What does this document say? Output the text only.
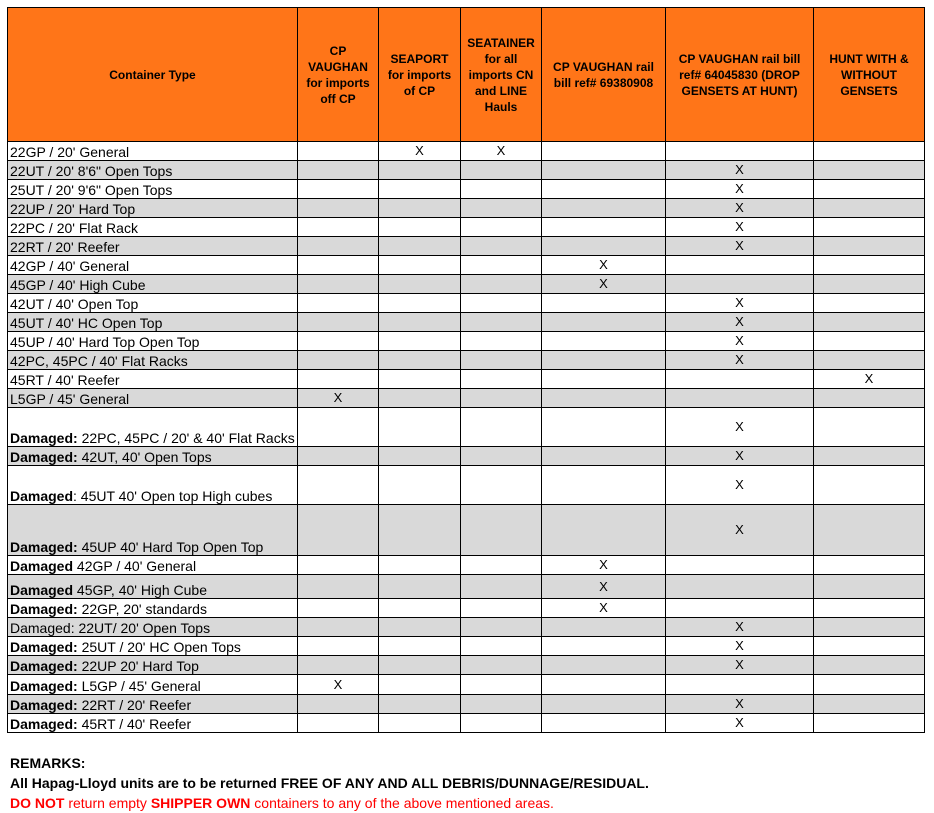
Container Type	CP VAUGHAN for imports off CP	SEAPORT for imports of CP	SEATAINER for all imports CN and LINE Hauls	CP VAUGHAN rail bill ref# 69380908	CP VAUGHAN rail bill ref# 64045830 (DROP GENSETS AT HUNT)	HUNT WITH & WITHOUT GENSETS
22GP / 20' General		X	X			
22UT / 20' 8'6" Open Tops					X	
25UT / 20' 9'6" Open Tops					X	
22UP / 20' Hard Top					X	
22PC / 20' Flat Rack					X	
22RT / 20' Reefer					X	
42GP / 40' General				X		
45GP / 40' High Cube				X		
42UT / 40' Open Top					X	
45UT / 40' HC Open Top					X	
45UP / 40' Hard Top Open Top					X	
42PC, 45PC / 40' Flat Racks					X	
45RT / 40' Reefer						X
L5GP / 45' General	X					
Damaged: 22PC, 45PC / 20' & 40' Flat Racks					X	
Damaged: 42UT, 40' Open Tops					X	
Damaged: 45UT 40' Open top High cubes					X	
Damaged: 45UP 40' Hard Top Open Top					X	
Damaged 42GP / 40' General				X		
Damaged 45GP, 40' High Cube				X		
Damaged: 22GP, 20' standards				X		
Damaged: 22UT/ 20' Open Tops					X	
Damaged: 25UT / 20' HC Open Tops					X	
Damaged: 22UP 20' Hard Top					X	
Damaged: L5GP / 45' General	X					
Damaged: 22RT / 20' Reefer					X	
Damaged: 45RT / 40' Reefer					X	
REMARKS:
All Hapag-Lloyd units are to be returned FREE OF ANY AND ALL DEBRIS/DUNNAGE/RESIDUAL.
DO NOT return empty SHIPPER OWN containers to any of the above mentioned areas.
